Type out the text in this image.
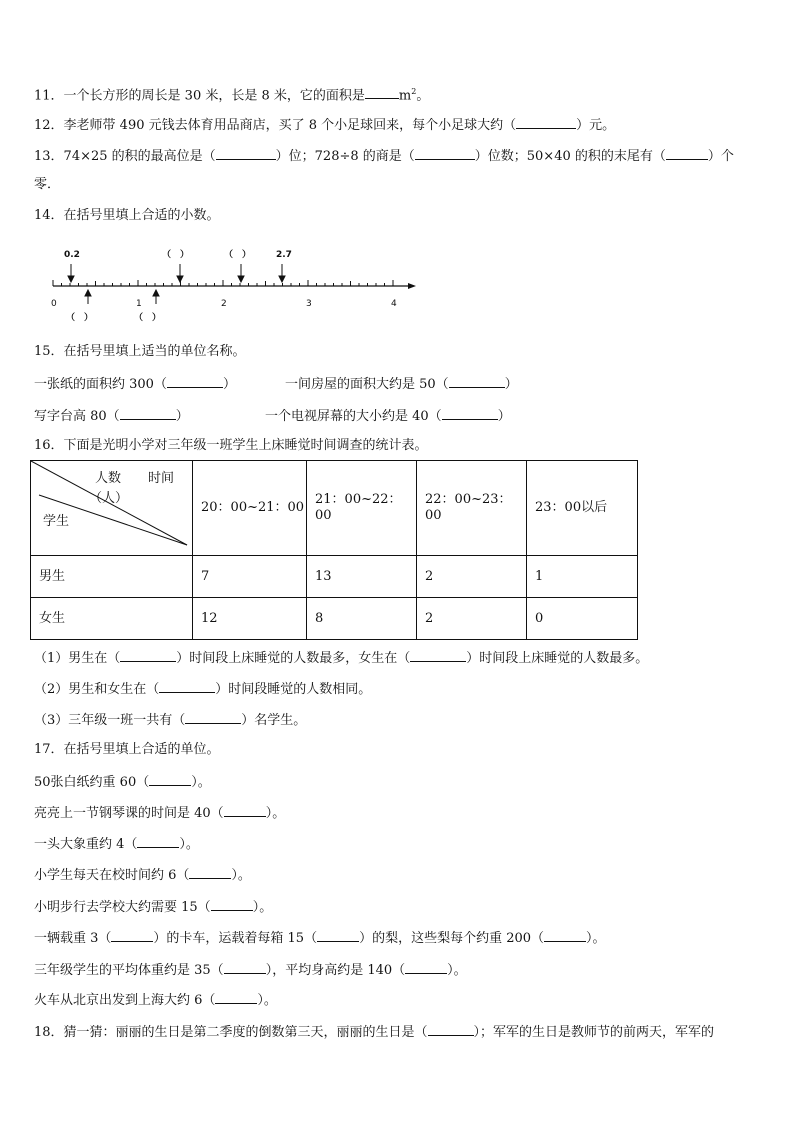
11．一个长方形的周长是 30 米，长是 8 米，它的面积是	$m^2$。
12．李老师带 490 元钱去体育用品商店，买了 8 个小足球回来，每个小足球大约（	）元。
13．74×25 的积的最高位是（	）位；728÷8 的商是（	）位数；50×40 的积的末尾有（	）个
零．
14．在括号里填上合适的小数。
0.2	（　）	（　）	2.7
0	1	2	3	4
（　）	（　）
15．在括号里填上适当的单位名称。
一张纸的面积约 300（	）	一间房屋的面积大约是 50（	）
写字台高 80（	）	一个电视屏幕的大小约是 40（	）
16．下面是光明小学对三年级一班学生上床睡觉时间调查的统计表。
人数 时间
（人）
学生	20：00~21：00	21：00~22：00	22：00~23：00	23：00以后
男生	7	13	2	1
女生	12	8	2	0
（1）男生在（	）时间段上床睡觉的人数最多，女生在（	）时间段上床睡觉的人数最多。
（2）男生和女生在（	）时间段睡觉的人数相同。
（3）三年级一班一共有（	）名学生。
17．在括号里填上合适的单位。
50张白纸约重 60（	）。
亮亮上一节钢琴课的时间是 40（	）。
一头大象重约 4（	）。
小学生每天在校时间约 6（	）。
小明步行去学校大约需要 15（	）。
一辆载重 3（	）的卡车，运载着每箱 15（	）的梨，这些梨每个约重 200（	）。
三年级学生的平均体重约是 35（	），平均身高约是 140（	）。
火车从北京出发到上海大约 6（	）。
18．猜一猜：丽丽的生日是第二季度的倒数第三天，丽丽的生日是（	）；军军的生日是教师节的前两天，军军的
